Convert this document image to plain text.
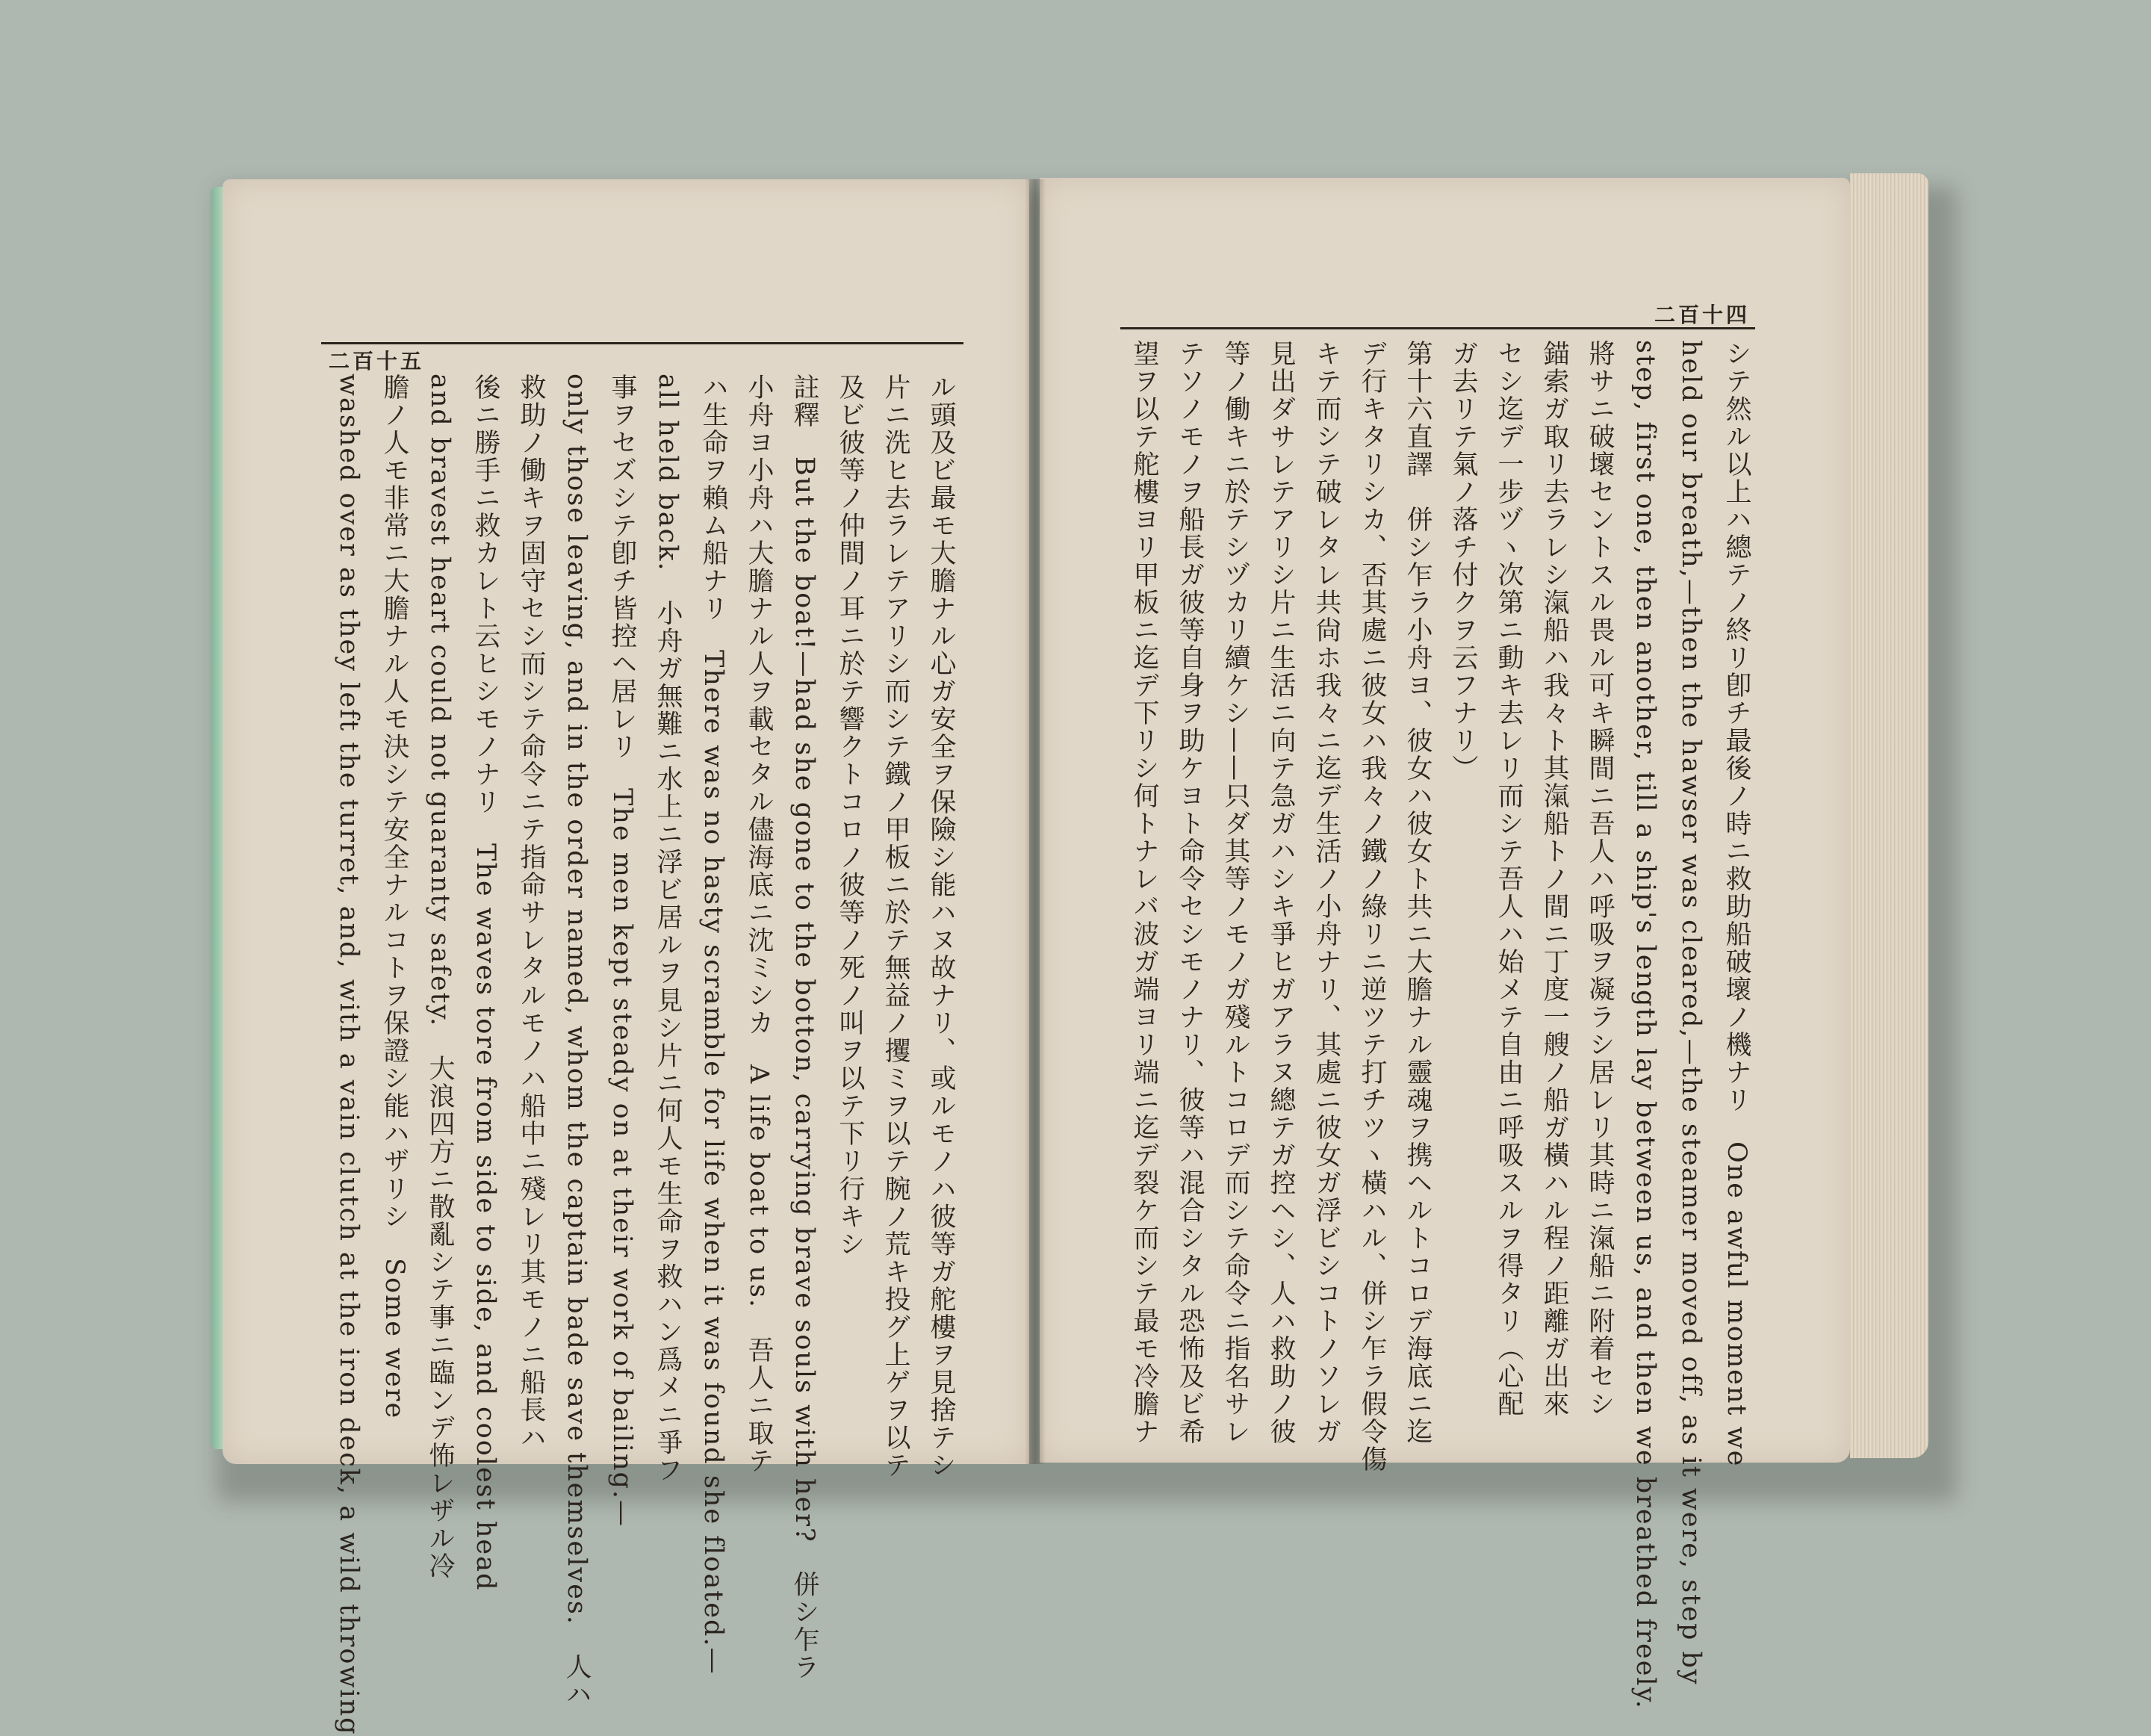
二百十五
二百十四
シテ然ル以上ハ總テノ終リ卽チ最後ノ時ニ救助船破壞ノ機ナリ　One awful moment we
held our breath,—then the hawser was cleared,—the steamer moved off, as it were, step by
step, first one, then another, till a ship's length lay between us, and then we breathed freely.
將サニ破壞セントスル畏ル可キ瞬間ニ吾人ハ呼吸ヲ凝ラシ居レリ其時ニ滊船ニ附着セシ
錨索ガ取リ去ラレシ滊船ハ我々ト其滊船トノ間ニ丁度一艘ノ船ガ橫ハル程ノ距離ガ出來
セシ迄デ一步ヅヽ次第ニ動キ去レリ而シテ吾人ハ始メテ自由ニ呼吸スルヲ得タリ（心配
ガ去リテ氣ノ落チ付クヲ云フナリ）
第十六直譯　併シ乍ラ小舟ヨ、彼女ハ彼女ト共ニ大膽ナル靈魂ヲ携ヘルトコロデ海底ニ迄
デ行キタリシカ、否其處ニ彼女ハ我々ノ鐵ノ綠リニ逆ツテ打チツヽ橫ハル、併シ乍ラ假令傷
キテ而シテ破レタレ共尙ホ我々ニ迄デ生活ノ小舟ナリ、其處ニ彼女ガ浮ビシコトノソレガ
見出ダサレテアリシ片ニ生活ニ向テ急ガハシキ爭ヒガアラヌ總テガ控ヘシ、人ハ救助ノ彼
等ノ働キニ於テシヅカリ續ケシ——只ダ其等ノモノガ殘ルトコロデ而シテ命令ニ指名サレ
テソノモノヲ船長ガ彼等自身ヲ助ケヨト命令セシモノナリ、彼等ハ混合シタル恐怖及ビ希
望ヲ以テ舵樓ヨリ甲板ニ迄デ下リシ何トナレバ波ガ端ヨリ端ニ迄デ裂ケ而シテ最モ冷膽ナ
ル頭及ビ最モ大膽ナル心ガ安全ヲ保險シ能ハヌ故ナリ、或ルモノハ彼等ガ舵樓ヲ見捨テシ
片ニ洗ヒ去ラレテアリシ而シテ鐵ノ甲板ニ於テ無益ノ攫ミヲ以テ腕ノ荒キ投グ上ゲヲ以テ
及ビ彼等ノ仲間ノ耳ニ於テ響クトコロノ彼等ノ死ノ叫ヲ以テ下リ行キシ
註釋　But the boat!—had she gone to the botton, carrying brave souls with her?　併シ乍ラ
小舟ヨ小舟ハ大膽ナル人ヲ載セタル儘海底ニ沈ミシカ　A life boat to us.　吾人ニ取テ
ハ生命ヲ賴ム船ナリ　There was no hasty scramble for life when it was found she floated.—
all held back.　小舟ガ無難ニ水上ニ浮ビ居ルヲ見シ片ニ何人モ生命ヲ救ハン爲メニ爭フ
事ヲセズシテ卽チ皆控ヘ居レリ　The men kept steady on at their work of bailing.—
only those leaving, and in the order named, whom the captain bade save themselves.　人ハ
救助ノ働キヲ固守セシ而シテ命令ニテ指命サレタルモノハ船中ニ殘レリ其モノニ船長ハ
後ニ勝手ニ救カレト云ヒシモノナリ　The waves tore from side to side, and coolest head
and bravest heart could not guaranty safety.　大浪四方ニ散亂シテ事ニ臨ンデ怖レザル冷
膽ノ人モ非常ニ大膽ナル人モ決シテ安全ナルコトヲ保證シ能ハザリシ　Some were
washed over as they left the turret, and, with a vain clutch at the iron deck, a wild throwing
